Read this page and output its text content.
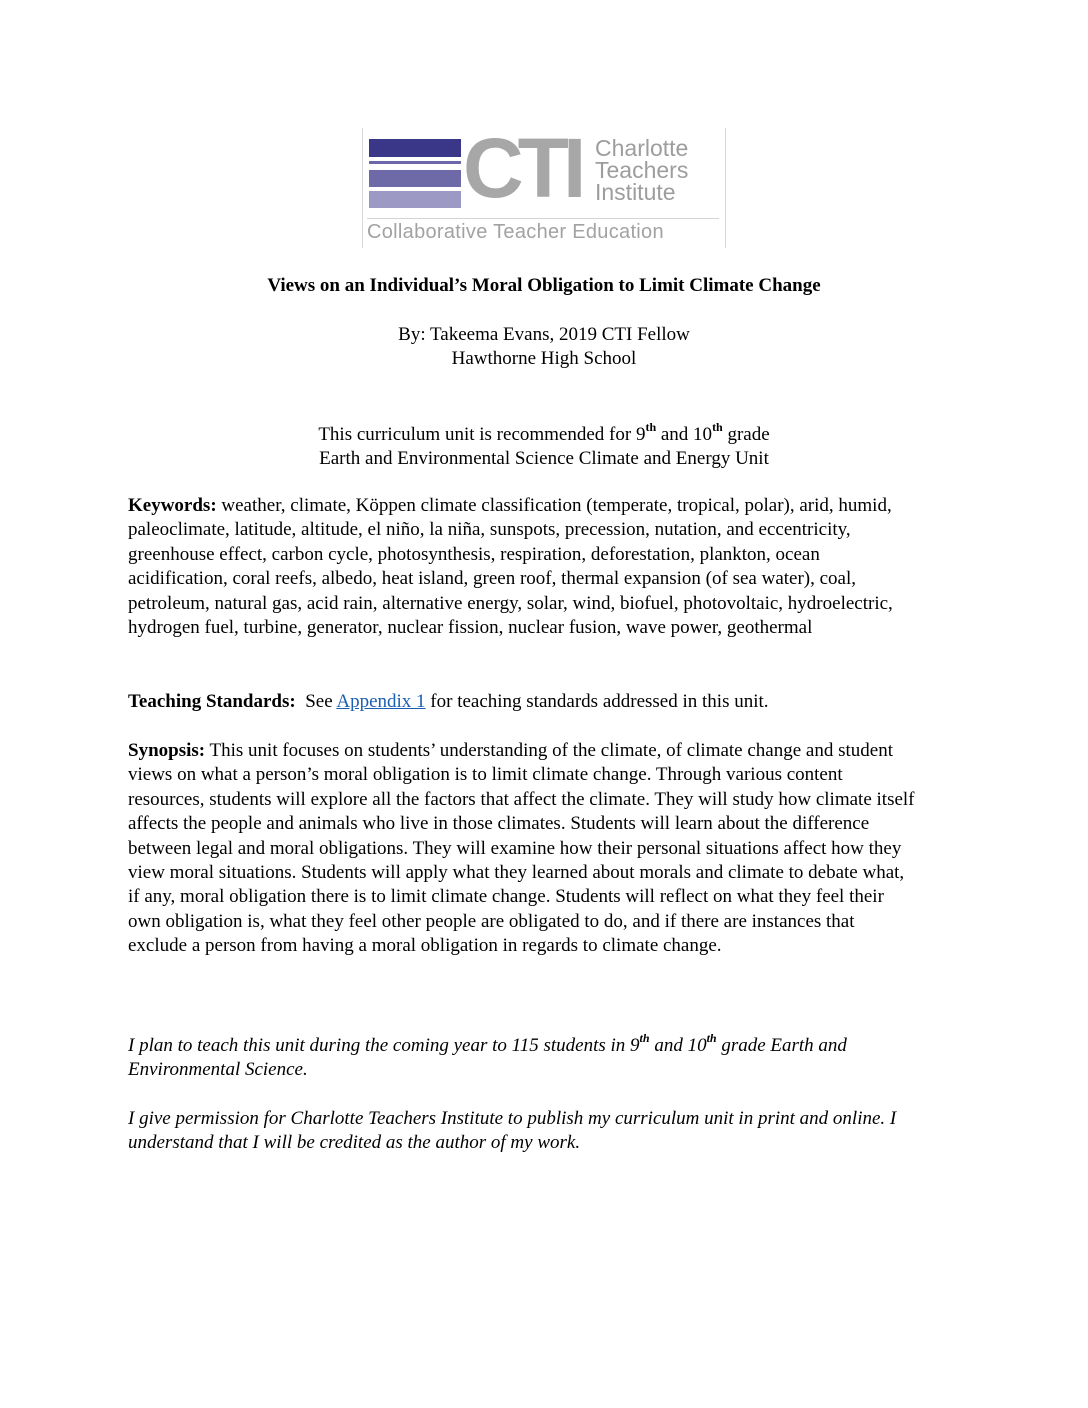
CTI Charlotte
Teachers
Institute
Collaborative Teacher Education
Views on an Individual’s Moral Obligation to Limit Climate Change
By: Takeema Evans, 2019 CTI Fellow
Hawthorne High School
This curriculum unit is recommended for 9th and 10th grade
Earth and Environmental Science Climate and Energy Unit
Keywords: weather, climate, Köppen climate classification (temperate, tropical, polar), arid, humid, paleoclimate, latitude, altitude, el niño, la niña, sunspots, precession, nutation, and eccentricity, greenhouse effect, carbon cycle, photosynthesis, respiration, deforestation, plankton, ocean acidification, coral reefs, albedo, heat island, green roof, thermal expansion (of sea water), coal, petroleum, natural gas, acid rain, alternative energy, solar, wind, biofuel, photovoltaic, hydroelectric, hydrogen fuel, turbine, generator, nuclear fission, nuclear fusion, wave power, geothermal
Teaching Standards:  See Appendix 1 for teaching standards addressed in this unit.
Synopsis: This unit focuses on students’ understanding of the climate, of climate change and student views on what a person’s moral obligation is to limit climate change. Through various content resources, students will explore all the factors that affect the climate. They will study how climate itself affects the people and animals who live in those climates. Students will learn about the difference between legal and moral obligations. They will examine how their personal situations affect how they view moral situations. Students will apply what they learned about morals and climate to debate what, if any, moral obligation there is to limit climate change. Students will reflect on what they feel their own obligation is, what they feel other people are obligated to do, and if there are instances that exclude a person from having a moral obligation in regards to climate change.
I plan to teach this unit during the coming year to 115 students in 9th and 10th grade Earth and Environmental Science.
I give permission for Charlotte Teachers Institute to publish my curriculum unit in print and online. I understand that I will be credited as the author of my work.
